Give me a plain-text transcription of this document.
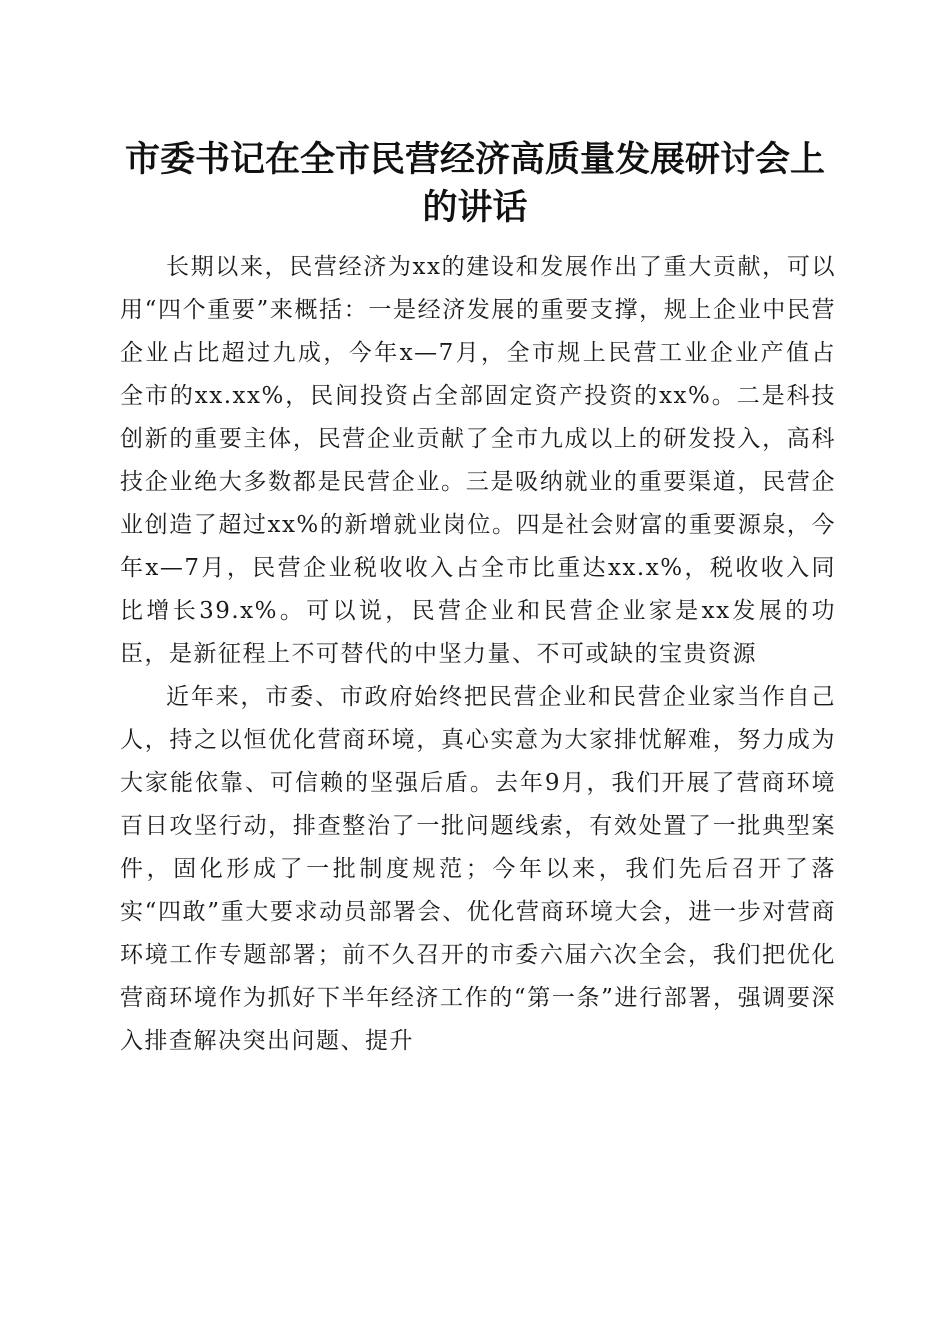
市委书记在全市民营经济高质量发展研讨会上
的讲话

长期以来，民营经济为xx的建设和发展作出了重大贡献，可以用“四个重要”来概括：一是经济发展的重要支撑，规上企业中民营企业占比超过九成，今年x—7月，全市规上民营工业企业产值占全市的xx.xx%，民间投资占全部固定资产投资的xx%。二是科技创新的重要主体，民营企业贡献了全市九成以上的研发投入，高科技企业绝大多数都是民营企业。三是吸纳就业的重要渠道，民营企业创造了超过xx%的新增就业岗位。四是社会财富的重要源泉，今年x—7月，民营企业税收收入占全市比重达xx.x%，税收收入同比增长39.x%。可以说，民营企业和民营企业家是xx发展的功臣，是新征程上不可替代的中坚力量、不可或缺的宝贵资源

近年来，市委、市政府始终把民营企业和民营企业家当作自己人，持之以恒优化营商环境，真心实意为大家排忧解难，努力成为大家能依靠、可信赖的坚强后盾。去年9月，我们开展了营商环境百日攻坚行动，排查整治了一批问题线索，有效处置了一批典型案件，固化形成了一批制度规范；今年以来，我们先后召开了落实“四敢”重大要求动员部署会、优化营商环境大会，进一步对营商环境工作专题部署；前不久召开的市委六届六次全会，我们把优化营商环境作为抓好下半年经济工作的“第一条”进行部署，强调要深入排查解决突出问题、提升
